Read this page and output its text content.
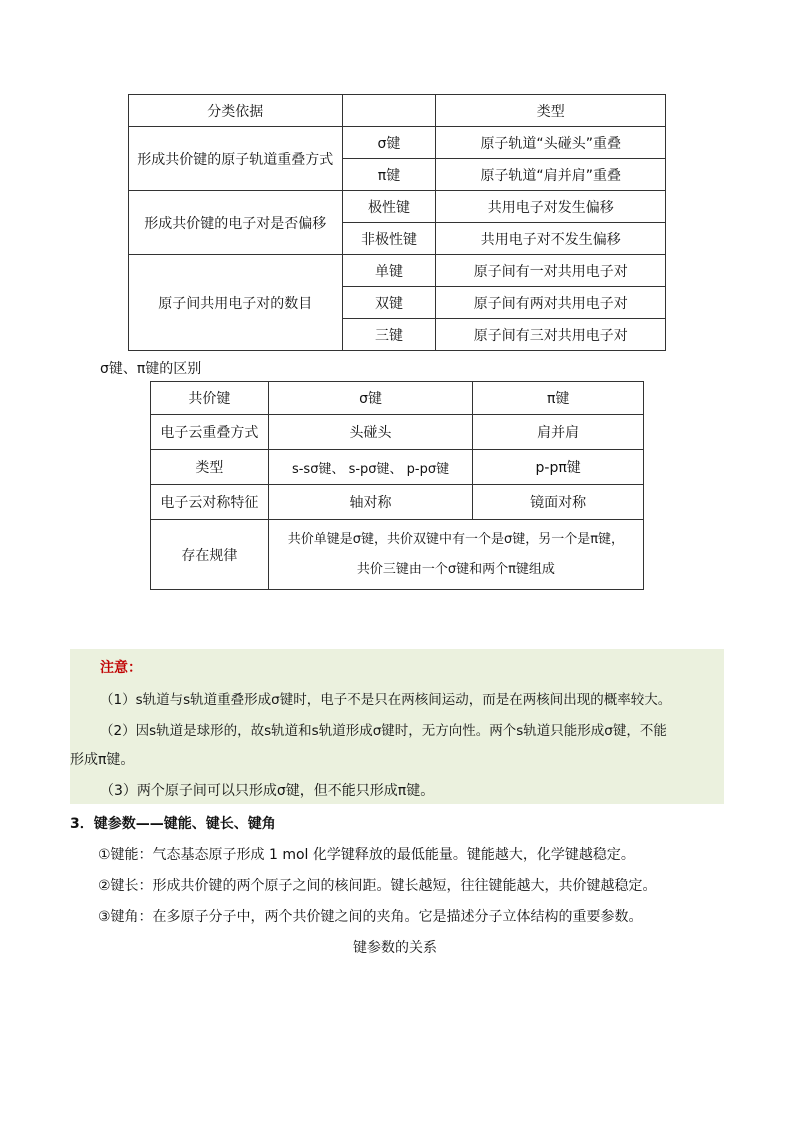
分类依据		类型
形成共价键的原子轨道重叠方式	σ键	原子轨道“头碰头”重叠
	π键	原子轨道“肩并肩”重叠
形成共价键的电子对是否偏移	极性键	共用电子对发生偏移
	非极性键	共用电子对不发生偏移
原子间共用电子对的数目	单键	原子间有一对共用电子对
	双键	原子间有两对共用电子对
	三键	原子间有三对共用电子对
σ键、π键的区别
共价键	σ键	π键
电子云重叠方式	头碰头	肩并肩
类型	s-sσ键、 s-pσ键、 p-pσ键	p-pπ键
电子云对称特征	轴对称	镜面对称
存在规律	共价单键是σ键，共价双键中有一个是σ键，另一个是π键，
共价三键由一个σ键和两个π键组成	
注意：
（1）s轨道与s轨道重叠形成σ键时，电子不是只在两核间运动，而是在两核间出现的概率较大。
（2）因s轨道是球形的，故s轨道和s轨道形成σ键时，无方向性。两个s轨道只能形成σ键，不能
形成π键。
（3）两个原子间可以只形成σ键，但不能只形成π键。
3．键参数——键能、键长、键角
①键能：气态基态原子形成 1 mol 化学键释放的最低能量。键能越大，化学键越稳定。
②键长：形成共价键的两个原子之间的核间距。键长越短，往往键能越大，共价键越稳定。
③键角：在多原子分子中，两个共价键之间的夹角。它是描述分子立体结构的重要参数。
键参数的关系
